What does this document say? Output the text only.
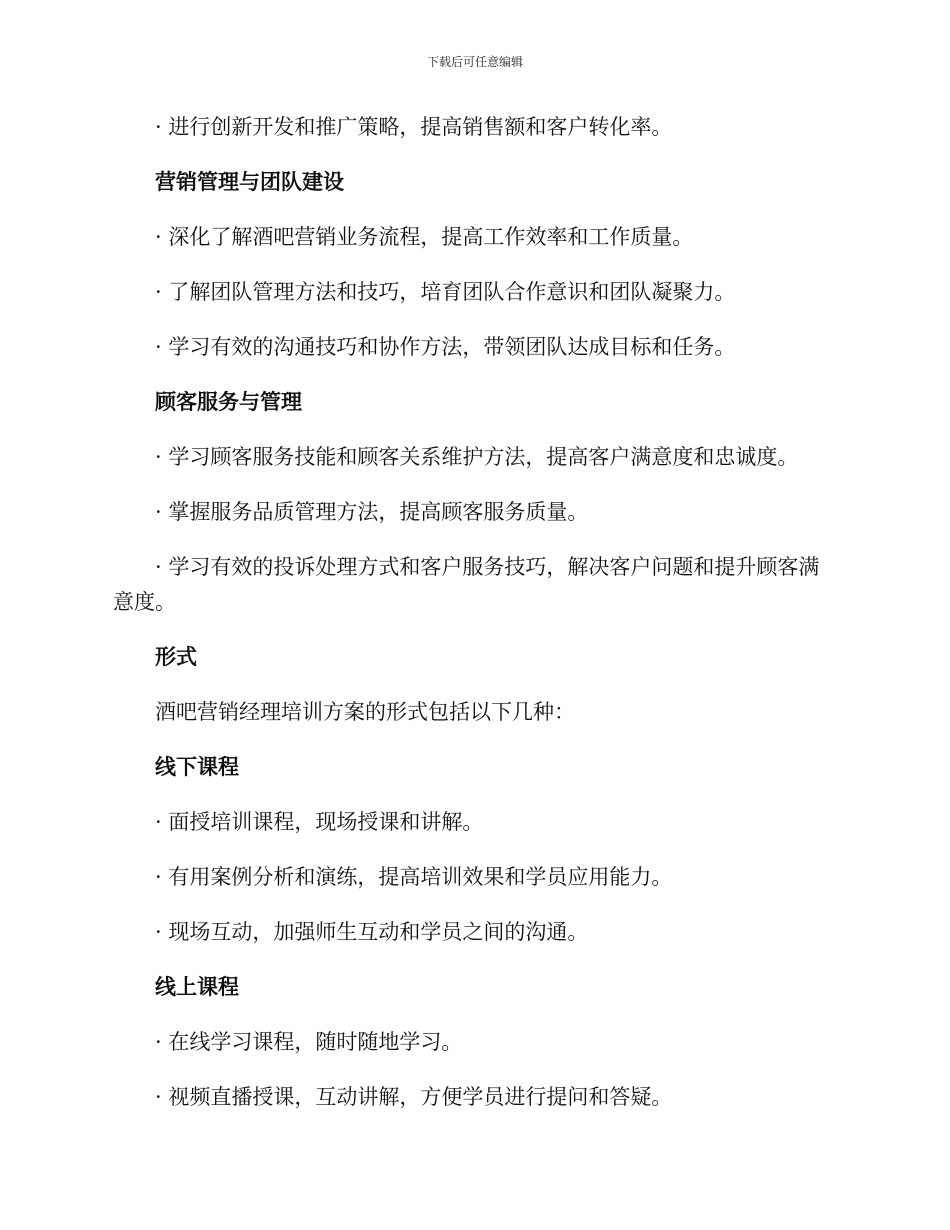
下载后可任意编辑

· 进行创新开发和推广策略，提高销售额和客户转化率。

营销管理与团队建设

· 深化了解酒吧营销业务流程，提高工作效率和工作质量。

· 了解团队管理方法和技巧，培育团队合作意识和团队凝聚力。

· 学习有效的沟通技巧和协作方法，带领团队达成目标和任务。

顾客服务与管理

· 学习顾客服务技能和顾客关系维护方法，提高客户满意度和忠诚度。

· 掌握服务品质管理方法，提高顾客服务质量。

· 学习有效的投诉处理方式和客户服务技巧，解决客户问题和提升顾客满意度。

形式

酒吧营销经理培训方案的形式包括以下几种：

线下课程

· 面授培训课程，现场授课和讲解。

· 有用案例分析和演练，提高培训效果和学员应用能力。

· 现场互动，加强师生互动和学员之间的沟通。

线上课程

· 在线学习课程，随时随地学习。

· 视频直播授课，互动讲解，方便学员进行提问和答疑。
